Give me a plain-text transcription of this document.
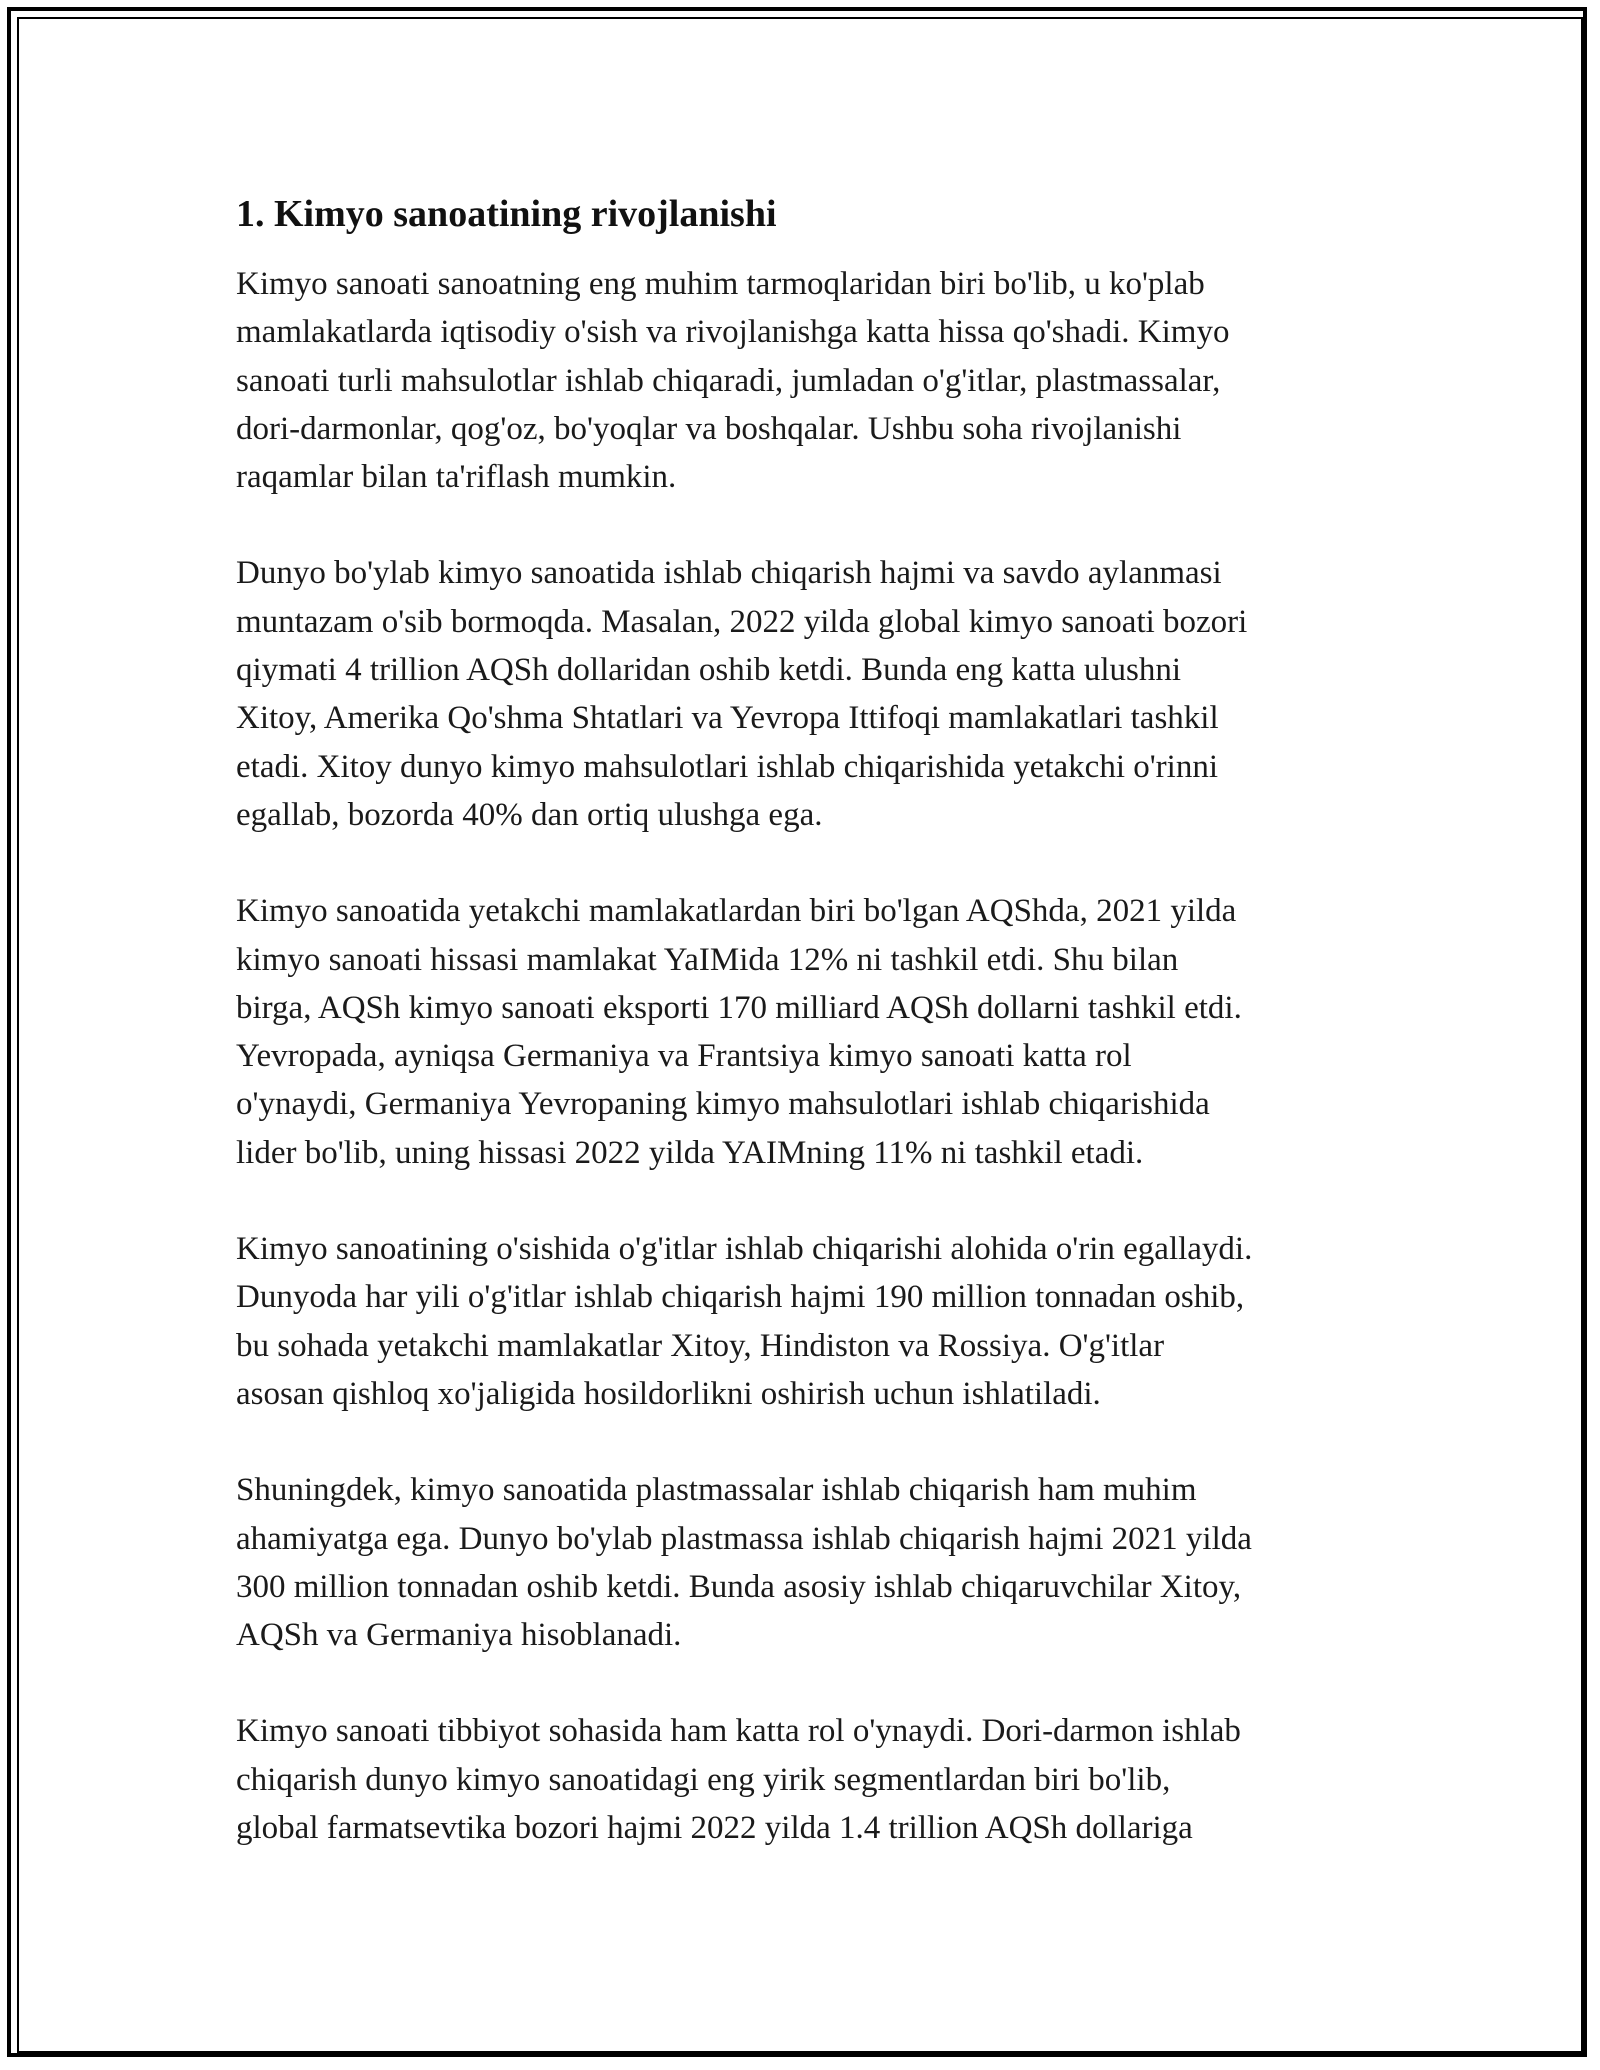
1. Kimyo sanoatining rivojlanishi

Kimyo sanoati sanoatning eng muhim tarmoqlaridan biri bo'lib, u ko'plab
mamlakatlarda iqtisodiy o'sish va rivojlanishga katta hissa qo'shadi. Kimyo
sanoati turli mahsulotlar ishlab chiqaradi, jumladan o'g'itlar, plastmassalar,
dori-darmonlar, qog'oz, bo'yoqlar va boshqalar. Ushbu soha rivojlanishi
raqamlar bilan ta'riflash mumkin.

Dunyo bo'ylab kimyo sanoatida ishlab chiqarish hajmi va savdo aylanmasi
muntazam o'sib bormoqda. Masalan, 2022 yilda global kimyo sanoati bozori
qiymati 4 trillion AQSh dollaridan oshib ketdi. Bunda eng katta ulushni
Xitoy, Amerika Qo'shma Shtatlari va Yevropa Ittifoqi mamlakatlari tashkil
etadi. Xitoy dunyo kimyo mahsulotlari ishlab chiqarishida yetakchi o'rinni
egallab, bozorda 40% dan ortiq ulushga ega.

Kimyo sanoatida yetakchi mamlakatlardan biri bo'lgan AQShda, 2021 yilda
kimyo sanoati hissasi mamlakat YaIMida 12% ni tashkil etdi. Shu bilan
birga, AQSh kimyo sanoati eksporti 170 milliard AQSh dollarni tashkil etdi.
Yevropada, ayniqsa Germaniya va Frantsiya kimyo sanoati katta rol
o'ynaydi, Germaniya Yevropaning kimyo mahsulotlari ishlab chiqarishida
lider bo'lib, uning hissasi 2022 yilda YAIMning 11% ni tashkil etadi.

Kimyo sanoatining o'sishida o'g'itlar ishlab chiqarishi alohida o'rin egallaydi.
Dunyoda har yili o'g'itlar ishlab chiqarish hajmi 190 million tonnadan oshib,
bu sohada yetakchi mamlakatlar Xitoy, Hindiston va Rossiya. O'g'itlar
asosan qishloq xo'jaligida hosildorlikni oshirish uchun ishlatiladi.

Shuningdek, kimyo sanoatida plastmassalar ishlab chiqarish ham muhim
ahamiyatga ega. Dunyo bo'ylab plastmassa ishlab chiqarish hajmi 2021 yilda
300 million tonnadan oshib ketdi. Bunda asosiy ishlab chiqaruvchilar Xitoy,
AQSh va Germaniya hisoblanadi.

Kimyo sanoati tibbiyot sohasida ham katta rol o'ynaydi. Dori-darmon ishlab
chiqarish dunyo kimyo sanoatidagi eng yirik segmentlardan biri bo'lib,
global farmatsevtika bozori hajmi 2022 yilda 1.4 trillion AQSh dollariga
